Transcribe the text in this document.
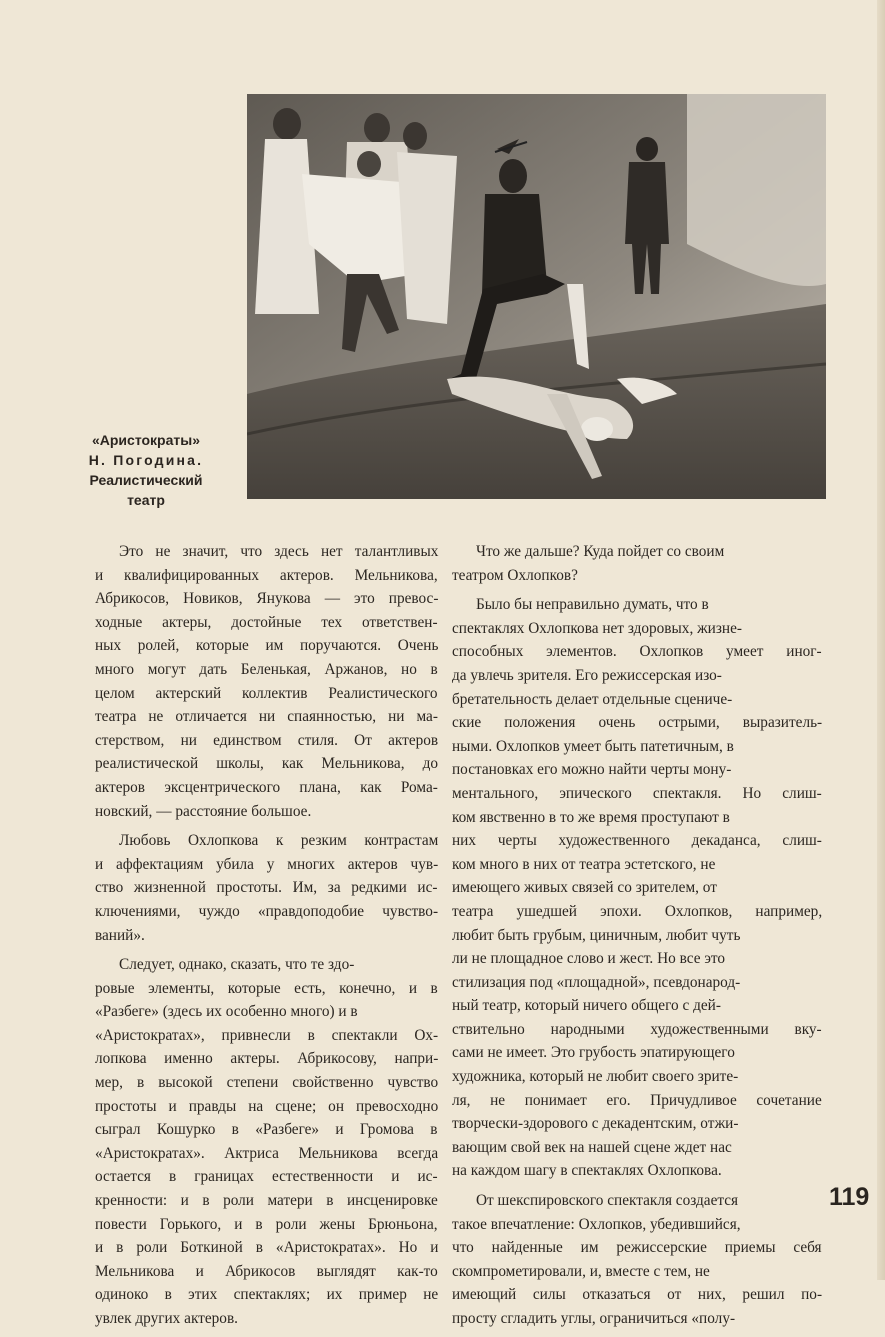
«Аристократы»
Н. Погодина.
Реалистический
театр
Это не значит, что здесь нет талантливых
и квалифицированных актеров. Мельникова,
Абрикосов, Новиков, Янукова — это превос-
ходные актеры, достойные тех ответствен-
ных ролей, которые им поручаются. Очень
много могут дать Беленькая, Аржанов, но в
целом актерский коллектив Реалистического
театра не отличается ни спаянностью, ни ма-
стерством, ни единством стиля. От актеров
реалистической школы, как Мельникова, до
актеров эксцентрического плана, как Рома-
новский, — расстояние большое.
Любовь Охлопкова к резким контрастам
и аффектациям убила у многих актеров чув-
ство жизненной простоты. Им, за редкими ис-
ключениями, чуждо «правдоподобие чувство-
ваний».
Следует, однако, сказать, что те здо-
ровые элементы, которые есть, конечно, и в
«Разбеге» (здесь их особенно много) и в
«Аристократах», привнесли в спектакли Ох-
лопкова именно актеры. Абрикосову, напри-
мер, в высокой степени свойственно чувство
простоты и правды на сцене; он превосходно
сыграл Кошурко в «Разбеге» и Громова в
«Аристократах». Актриса Мельникова всегда
остается в границах естественности и ис-
кренности: и в роли матери в инсценировке
повести Горького, и в роли жены Брюньона,
и в роли Боткиной в «Аристократах». Но и
Мельникова и Абрикосов выглядят как-то
одиноко в этих спектаклях; их пример не
увлек других актеров.
Что же дальше? Куда пойдет со своим
театром Охлопков?
Было бы неправильно думать, что в
спектаклях Охлопкова нет здоровых, жизне-
способных элементов. Охлопков умеет иног-
да увлечь зрителя. Его режиссерская изо-
бретательность делает отдельные сцениче-
ские положения очень острыми, выразитель-
ными. Охлопков умеет быть патетичным, в
постановках его можно найти черты мону-
ментального, эпического спектакля. Но слиш-
ком явственно в то же время проступают в
них черты художественного декаданса, слиш-
ком много в них от театра эстетского, не
имеющего живых связей со зрителем, от
театра ушедшей эпохи. Охлопков, например,
любит быть грубым, циничным, любит чуть
ли не площадное слово и жест. Но все это
стилизация под «площадной», псевдонарод-
ный театр, который ничего общего с дей-
ствительно народными художественными вку-
сами не имеет. Это грубость эпатирующего
художника, который не любит своего зрите-
ля, не понимает его. Причудливое сочетание
творчески-здорового с декадентским, отжи-
вающим свой век на нашей сцене ждет нас
на каждом шагу в спектаклях Охлопкова.
От шекспировского спектакля создается
такое впечатление: Охлопков, убедившийся,
что найденные им режиссерские приемы себя
скомпрометировали, и, вместе с тем, не
имеющий силы отказаться от них, решил по-
просту сгладить углы, ограничиться «полу-
119
